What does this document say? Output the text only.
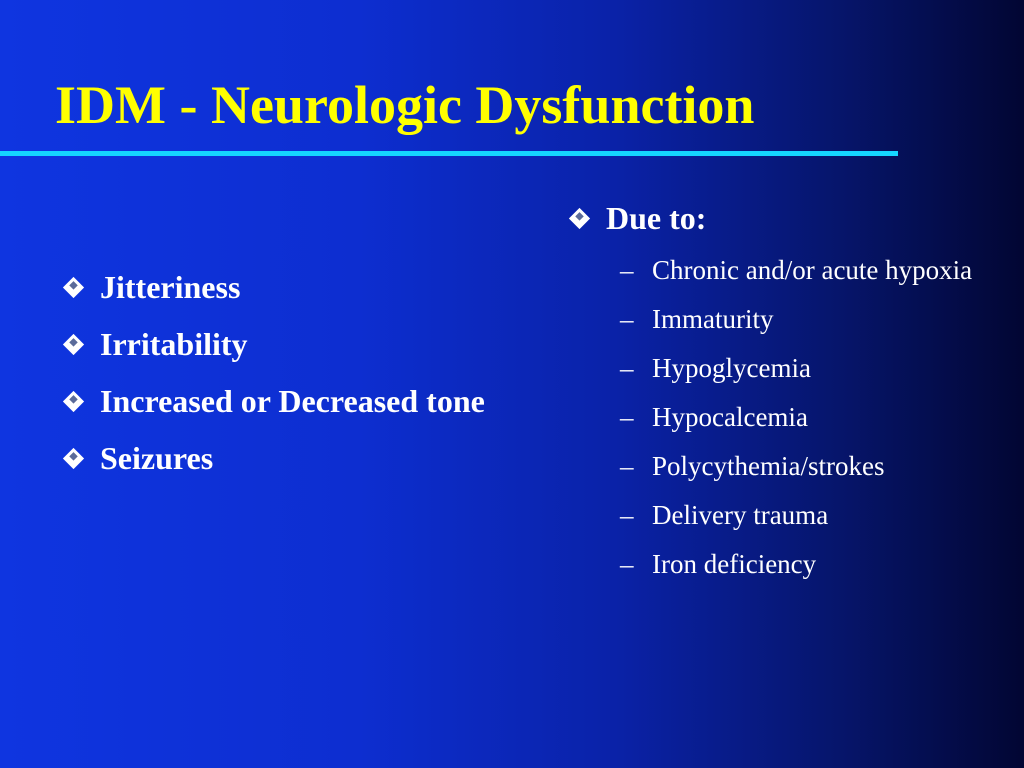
IDM - Neurologic Dysfunction
Jitteriness
Irritability
Increased or Decreased tone
Seizures
Due to:
– Chronic and/or acute hypoxia
– Immaturity
– Hypoglycemia
– Hypocalcemia
– Polycythemia/strokes
– Delivery trauma
– Iron deficiency
